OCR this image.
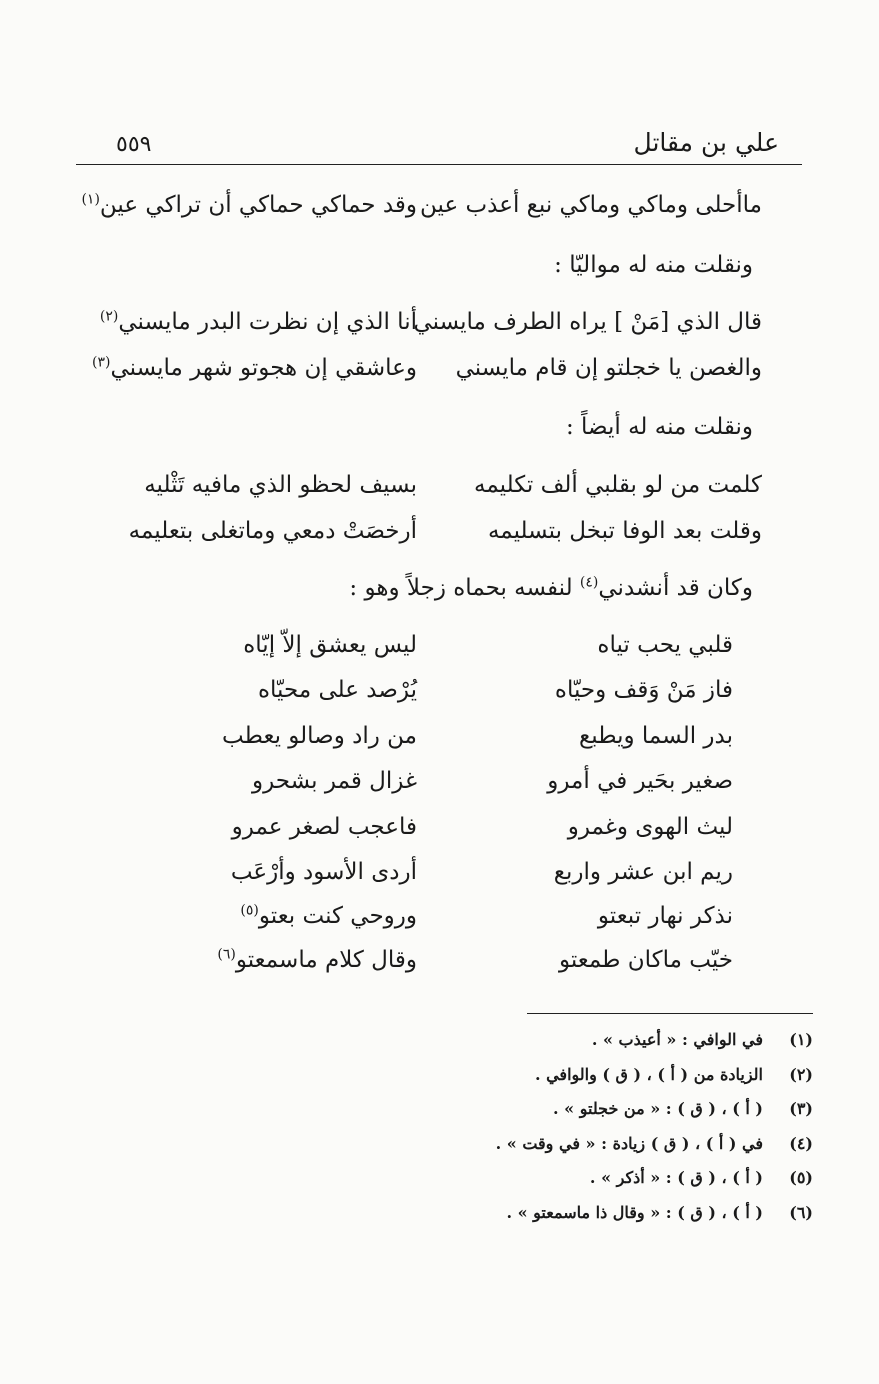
علي بن مقاتل
٥٥٩
ماأحلى وماكي وماكي نبع أعذب عين
وقد حماكي حماكي أن تراكي عين$^{(١)}$
ونقلت منه له مواليّا :
قال الذي [مَنْ ] يراه الطرف مايسني
أنا الذي إن نظرت البدر مايسني$^{(٢)}$
والغصن يا خجلتو إن قام مايسني
وعاشقي إن هجوتو شهر مايسني$^{(٣)}$
ونقلت منه له أيضاً :
كلمت من لو بقلبي ألف تكليمه
بسيف لحظو الذي مافيه تَثْليه
وقلت بعد الوفا تبخل بتسليمه
أرخصَتْ دمعي وماتغلى بتعليمه
وكان قد أنشدني$^{(٤)}$ لنفسه بحماه زجلاً وهو :
قلبي يحب تياه
ليس يعشق إلاّ إيّاه
فاز مَنْ وَقف وحيّاه
يُرْصد على محيّاه
بدر السما ويطبع
من راد وصالو يعطب
صغير بحَير في أمرو
غزال قمر بشحرو
ليث الهوى وغمرو
فاعجب لصغر عمرو
ريم ابن عشر واربع
أردى الأسود وأرْعَب
نذكر نهار تبعتو
وروحي كنت بعتو$^{(٥)}$
خيّب ماكان طمعتو
وقال كلام ماسمعتو$^{(٦)}$
(١)في الوافي : « أعيذب » .
(٢)الزيادة من ( أ ) ، ( ق ) والوافي .
(٣)( أ ) ، ( ق ) : « من خجلتو » .
(٤)في ( أ ) ، ( ق ) زيادة : « في وقت » .
(٥)( أ ) ، ( ق ) : « أذكر » .
(٦)( أ ) ، ( ق ) : « وقال ذا ماسمعتو » .
